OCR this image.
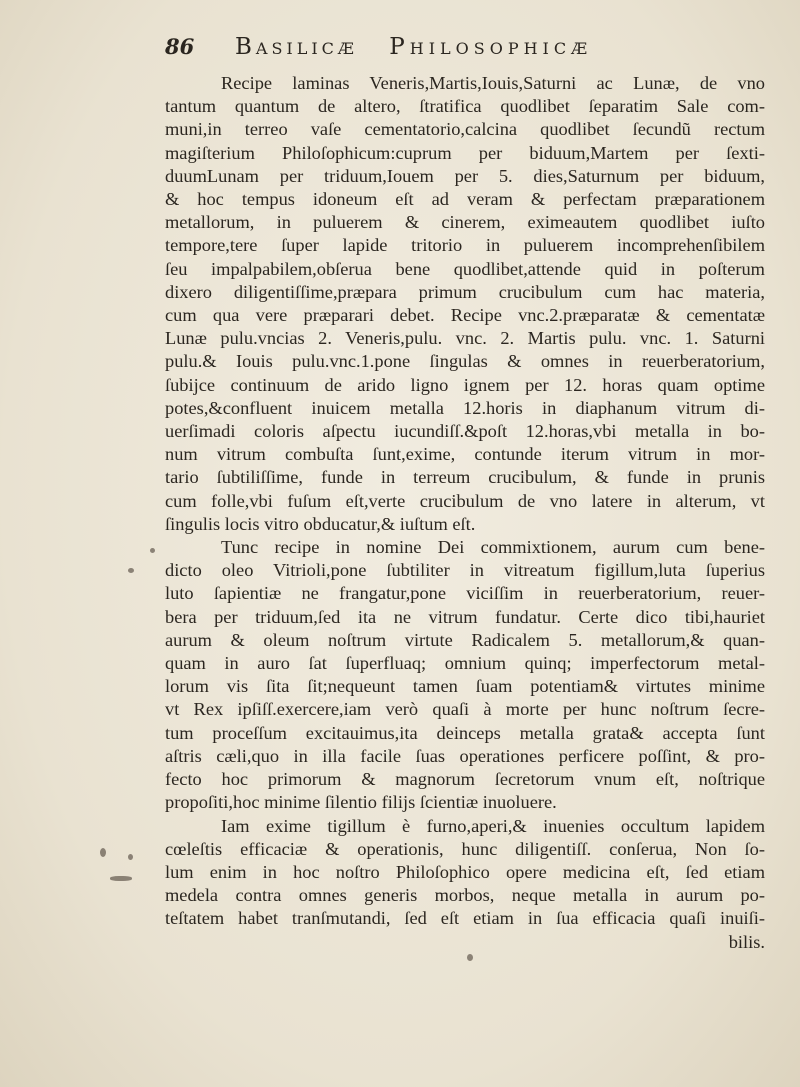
86	Basilicæ Philosophicæ
Recipe laminas Veneris,Martis,Iouis,Saturni ac Lunæ, de vno
tantum quantum de altero, ſtratifica quodlibet ſeparatim Sale com-
muni,in terreo vaſe cementatorio,calcina quodlibet ſecundũ rectum
magiſterium Philoſophicum:cuprum per biduum,Martem per ſexti-
duumLunam per triduum,Iouem per 5. dies,Saturnum per biduum,
& hoc tempus idoneum eſt ad veram & perfectam præparationem
metallorum, in puluerem & cinerem, eximeautem quodlibet iuſto
tempore,tere ſuper lapide tritorio in puluerem incomprehenſibilem
ſeu impalpabilem,obſerua bene quodlibet,attende quid in poſterum
dixero diligentiſſime,præpara primum crucibulum cum hac materia,
cum qua vere præparari debet. Recipe vnc.2.præparatæ & cementatæ
Lunæ pulu.vncias 2. Veneris,pulu. vnc. 2. Martis pulu. vnc. 1. Saturni
pulu.& Iouis pulu.vnc.1.pone ſingulas & omnes in reuerberatorium,
ſubijce continuum de arido ligno ignem per 12. horas quam optime
potes,&confluent inuicem metalla 12.horis in diaphanum vitrum di-
uerſimadi coloris aſpectu iucundiſſ.&poſt 12.horas,vbi metalla in bo-
num vitrum combuſta ſunt,exime, contunde iterum vitrum in mor-
tario ſubtiliſſime, funde in terreum crucibulum, & funde in prunis
cum folle,vbi fuſum eſt,verte crucibulum de vno latere in alterum, vt
ſingulis locis vitro obducatur,& iuſtum eſt.
Tunc recipe in nomine Dei commixtionem, aurum cum bene-
dicto oleo Vitrioli,pone ſubtiliter in vitreatum figillum,luta ſuperius
luto ſapientiæ ne frangatur,pone viciſſim in reuerberatorium, reuer-
bera per triduum,ſed ita ne vitrum fundatur. Certe dico tibi,hauriet
aurum & oleum noſtrum virtute Radicalem 5. metallorum,& quan-
quam in auro ſat ſuperfluaq; omnium quinq; imperfectorum metal-
lorum vis ſita ſit;nequeunt tamen ſuam potentiam& virtutes minime
vt Rex ipſiſſ.exercere,iam verò quaſi à morte per hunc noſtrum ſecre-
tum proceſſum excitauimus,ita deinceps metalla grata& accepta ſunt
aſtris cæli,quo in illa facile ſuas operationes perficere poſſint, & pro-
fecto hoc primorum & magnorum ſecretorum vnum eſt, noſtrique
propoſiti,hoc minime ſilentio filijs ſcientiæ inuoluere.
Iam exime tigillum è furno,aperi,& inuenies occultum lapidem
cœleſtis efficaciæ & operationis, hunc diligentiſſ. conſerua, Non ſo-
lum enim in hoc noſtro Philoſophico opere medicina eſt, ſed etiam
medela contra omnes generis morbos, neque metalla in aurum po-
teſtatem habet tranſmutandi, ſed eſt etiam in ſua efficacia quaſi inuiſi-
bilis.
